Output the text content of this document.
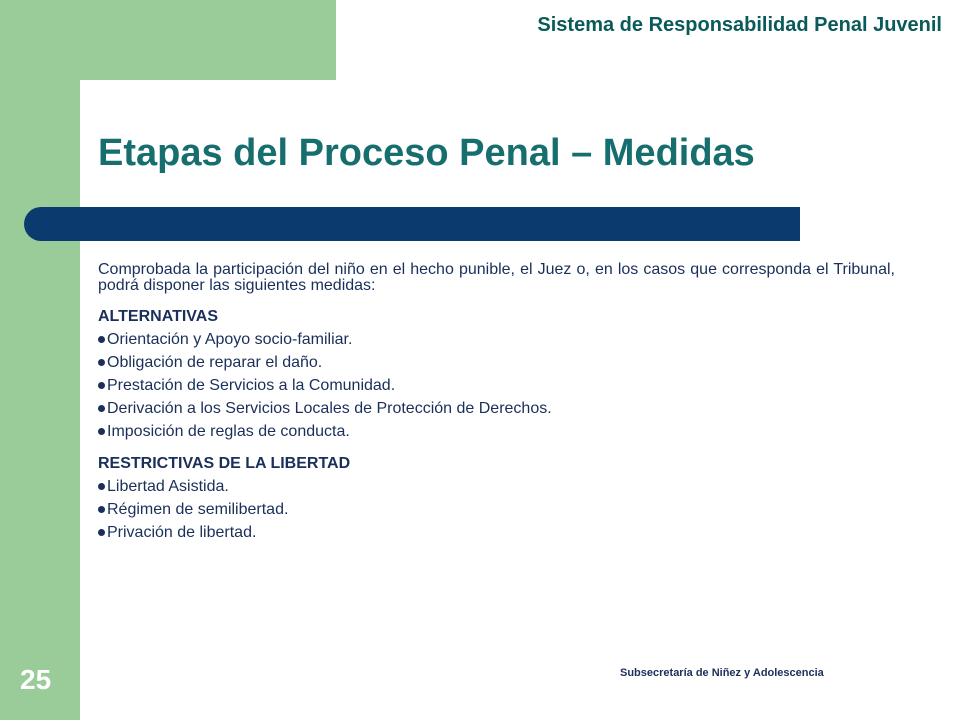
Sistema de Responsabilidad Penal Juvenil
Etapas del Proceso Penal – Medidas

Comprobada la participación del niño en el hecho punible, el Juez o, en los casos que corresponda el Tribunal, podrá disponer las siguientes medidas:

ALTERNATIVAS

Orientación y Apoyo socio-familiar.
Obligación de reparar el daño.
Prestación de Servicios a la Comunidad.
Derivación a los Servicios Locales de Protección de Derechos.
Imposición de reglas de conducta.

RESTRICTIVAS DE LA LIBERTAD

Libertad Asistida.
Régimen de semilibertad.
Privación de libertad.
Subsecretaría de Niñez y Adolescencia
25
